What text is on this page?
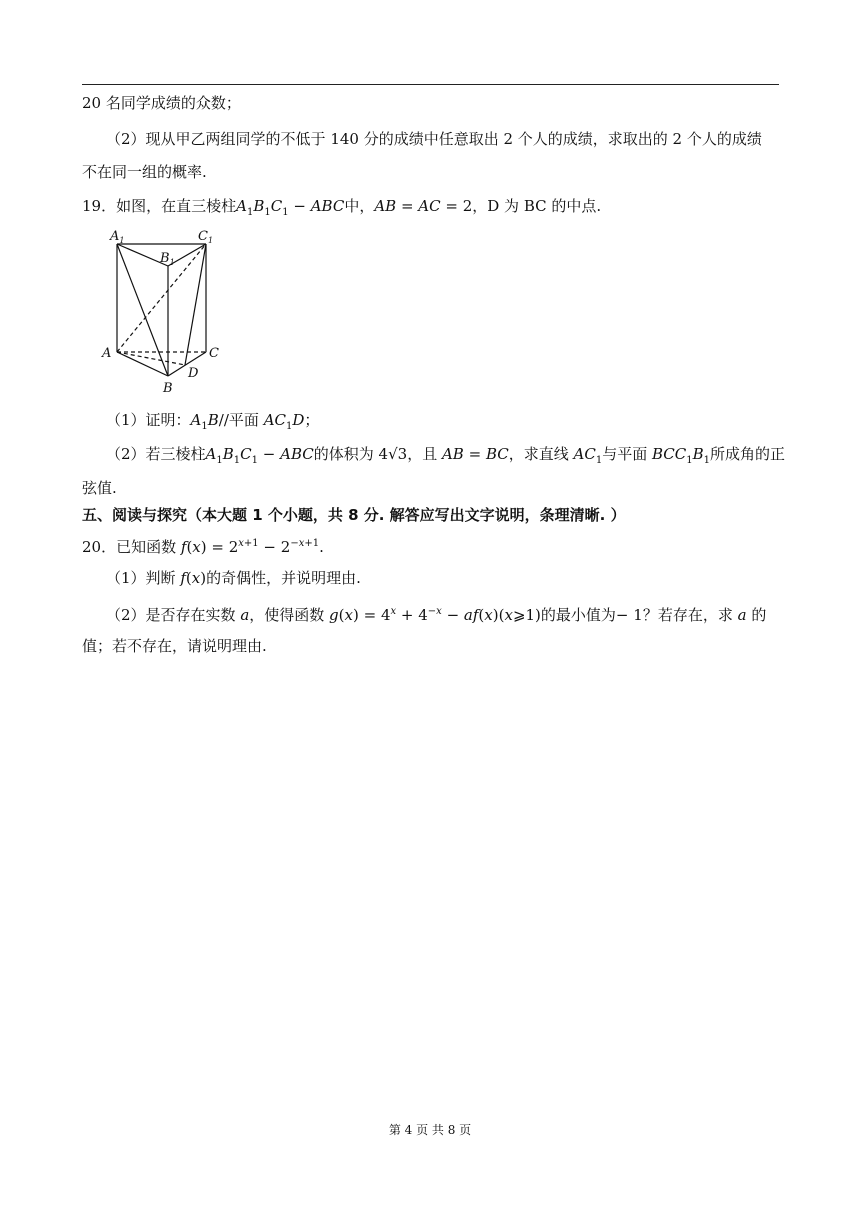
20 名同学成绩的众数；
（2）现从甲乙两组同学的不低于 140 分的成绩中任意取出 2 个人的成绩，求取出的 2 个人的成绩
不在同一组的概率.
19．如图，在直三棱柱$A_1B_1C_1$ − ABC中，AB = AC = 2，D 为 BC 的中点.
$A_1$	$C_1$
$B_1$
A	C
D
B
（1）证明：$A_1B//$平面 $AC_1D$；
（2）若三棱柱$A_1B_1C_1$ − ABC的体积为 4√3，且 AB = BC，求直线 $AC_1$与平面 $BCC_1B_1$所成角的正
弦值.
五、阅读与探究（本大题 1 个小题，共 8 分. 解答应写出文字说明，条理清晰. ）
20．已知函数 $f(x) = 2^{x+1} - 2^{-x+1}$.
（1）判断 f(x)的奇偶性，并说明理由.
（2）是否存在实数 a，使得函数 $g(x) = 4^x + 4^{-x}$ − af(x)(x⩾1)的最小值为− 1？若存在，求 a 的
值；若不存在，请说明理由.
第 4 页 共 8 页
